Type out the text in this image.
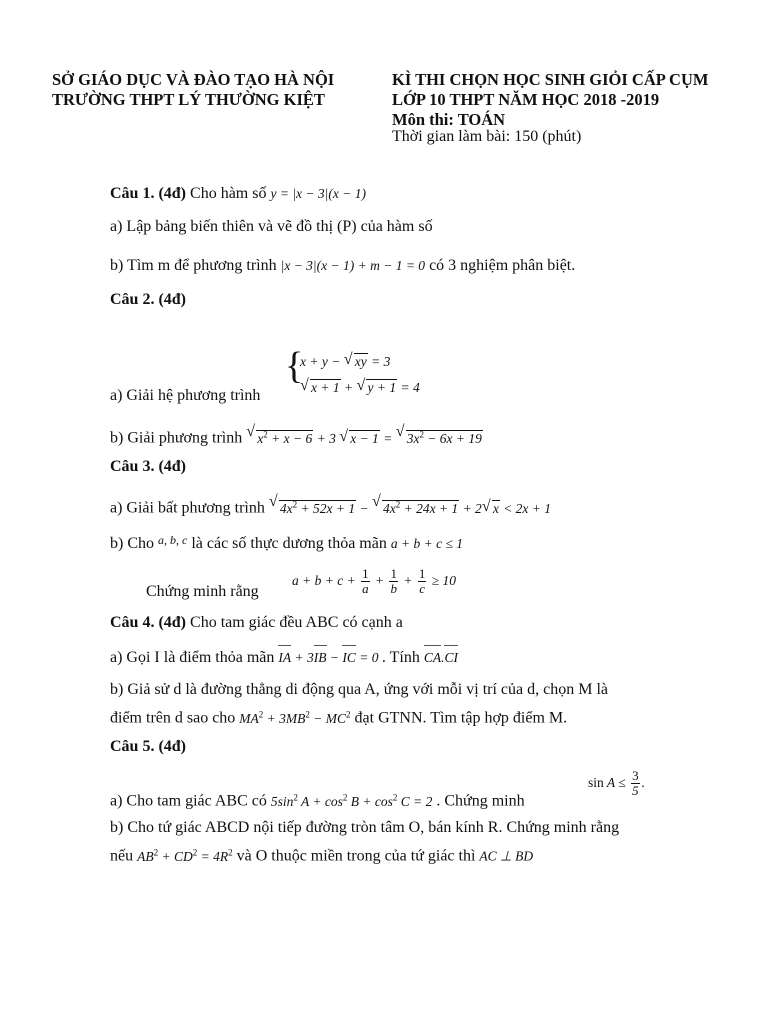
SỞ GIÁO DỤC VÀ ĐÀO TẠO HÀ NỘI
TRƯỜNG THPT LÝ THƯỜNG KIỆT
KÌ THI CHỌN HỌC SINH GIỎI CẤP CỤM
LỚP 10 THPT NĂM HỌC 2018 -2019
Môn thi: TOÁN
Thời gian làm bài: 150 (phút)
Câu 1. (4đ) Cho hàm số y = |x − 3|(x − 1)
a) Lập bảng biến thiên và vẽ đồ thị (P) của hàm số
b) Tìm m để phương trình |x − 3|(x − 1) + m − 1 = 0 có 3 nghiệm phân biệt.
Câu 2. (4đ)
{
x + y − √ xy = 3
√ x + 1 + √ y + 1 = 4
a) Giải hệ phương trình
b) Giải phương trình √ $x^2 + x - 6 + 3$ √ x − 1 = √ $3x^2 - 6x + 19$
Câu 3. (4đ)
a) Giải bất phương trình √ $4x^2 + 52x + 1$ − √ $4x^2 + 24x + 1 + 2√$ x < 2x + 1
b) Cho $^{a, b, c}$ là các số thực dương thỏa mãn a + b + c ≤ 1
Chứng minh rằng
$a + b + c + \frac{1}{a} + \frac{1}{b} + \frac{1}{c} \ge 10$
Câu 4. (4đ) Cho tam giác đều ABC có cạnh a
a) Gọi I là điểm thỏa mãn IA + 3IB − IC = 0 . Tính CA.CI
b) Giả sử d là đường thẳng di động qua A, ứng với mỗi vị trí của d, chọn M là
điểm trên d sao cho $MA^2 + 3MB^2 - MC^2$ đạt GTNN. Tìm tập hợp điểm M.
Câu 5. (4đ)
a) Cho tam giác ABC có $5\sin^2$ $A + \cos^2 B + \cos^2 C = 2$ . Chứng minh
$\sin A \le \frac{3}{5}$ .
b) Cho tứ giác ABCD nội tiếp đường tròn tâm O, bán kính R. Chứng minh rằng
nếu $AB^2 + CD^2 = 4R^2$ và O thuộc miền trong của tứ giác thì AC ⊥ BD
